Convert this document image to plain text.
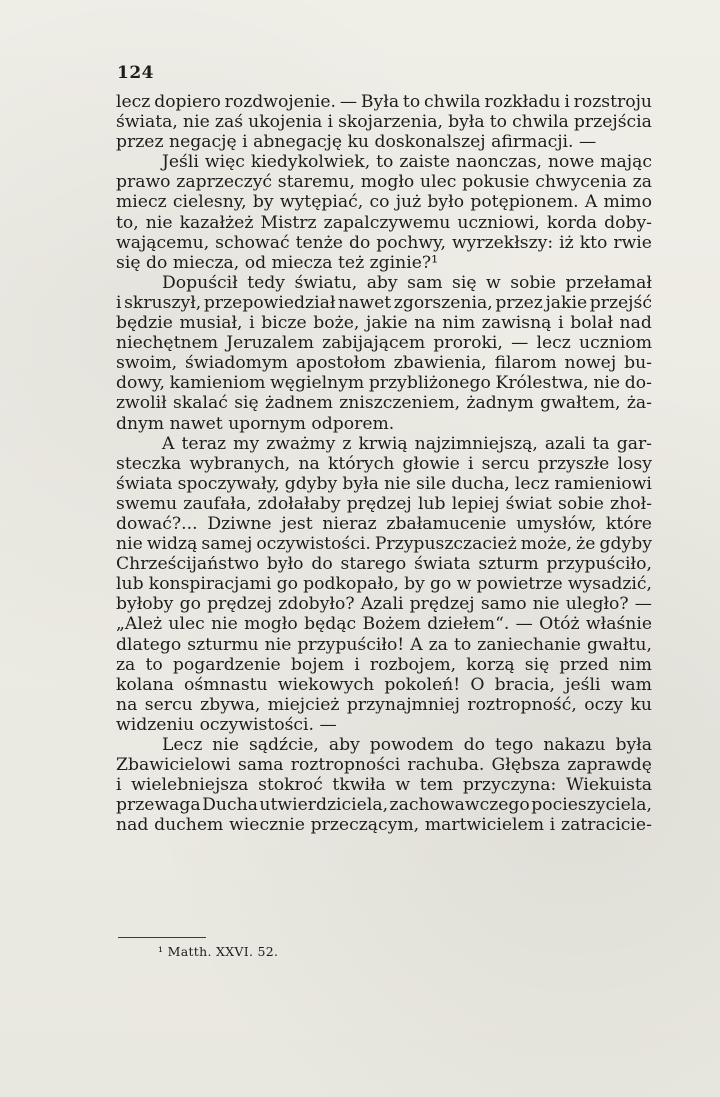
124
lecz dopiero rozdwojenie. — Była to chwila rozkładu i rozstroju
świata, nie zaś ukojenia i skojarzenia, była to chwila przejścia
przez negację i abnegację ku doskonalszej afirmacji. —
Jeśli więc kiedykolwiek, to zaiste naonczas, nowe mając
prawo zaprzeczyć staremu, mogło ulec pokusie chwycenia za
miecz cielesny, by wytępiać, co już było potępionem. A mimo
to, nie kazałżeż Mistrz zapalczywemu uczniowi, korda doby-
wającemu, schować tenże do pochwy, wyrzekłszy: iż kto rwie
się do miecza, od miecza też zginie?¹
Dopuścił tedy światu, aby sam się w sobie przełamał
i skruszył, przepowiedział nawet zgorszenia, przez jakie przejść
będzie musiał, i bicze boże, jakie na nim zawisną i bolał nad
niechętnem Jeruzalem zabijającem proroki, — lecz uczniom
swoim, świadomym apostołom zbawienia, filarom nowej bu-
dowy, kamieniom węgielnym przybliżonego Królestwa, nie do-
zwolił skalać się żadnem zniszczeniem, żadnym gwałtem, ża-
dnym nawet upornym odporem.
A teraz my zważmy z krwią najzimniejszą, azali ta gar-
steczka wybranych, na których głowie i sercu przyszłe losy
świata spoczywały, gdyby była nie sile ducha, lecz ramieniowi
swemu zaufała, zdołałaby prędzej lub lepiej świat sobie zhoł-
dować?... Dziwne jest nieraz zbałamucenie umysłów, które
nie widzą samej oczywistości. Przypuszczacież może, że gdyby
Chrześcijaństwo było do starego świata szturm przypuściło,
lub konspiracjami go podkopało, by go w powietrze wysadzić,
byłoby go prędzej zdobyło? Azali prędzej samo nie uległo? —
„Ależ ulec nie mogło będąc Bożem dziełem“. — Otóż właśnie
dlatego szturmu nie przypuściło! A za to zaniechanie gwałtu,
za to pogardzenie bojem i rozbojem, korzą się przed nim
kolana ośmnastu wiekowych pokoleń! O bracia, jeśli wam
na sercu zbywa, miejcież przynajmniej roztropność, oczy ku
widzeniu oczywistości. —
Lecz nie sądźcie, aby powodem do tego nakazu była
Zbawicielowi sama roztropności rachuba. Głębsza zaprawdę
i wielebniejsza stokroć tkwiła w tem przyczyna: Wiekuista
przewaga Ducha utwierdziciela, zachowawczego pocieszyciela,
nad duchem wiecznie przeczącym, martwicielem i zatracicie-
¹ Matth. XXVI. 52.
